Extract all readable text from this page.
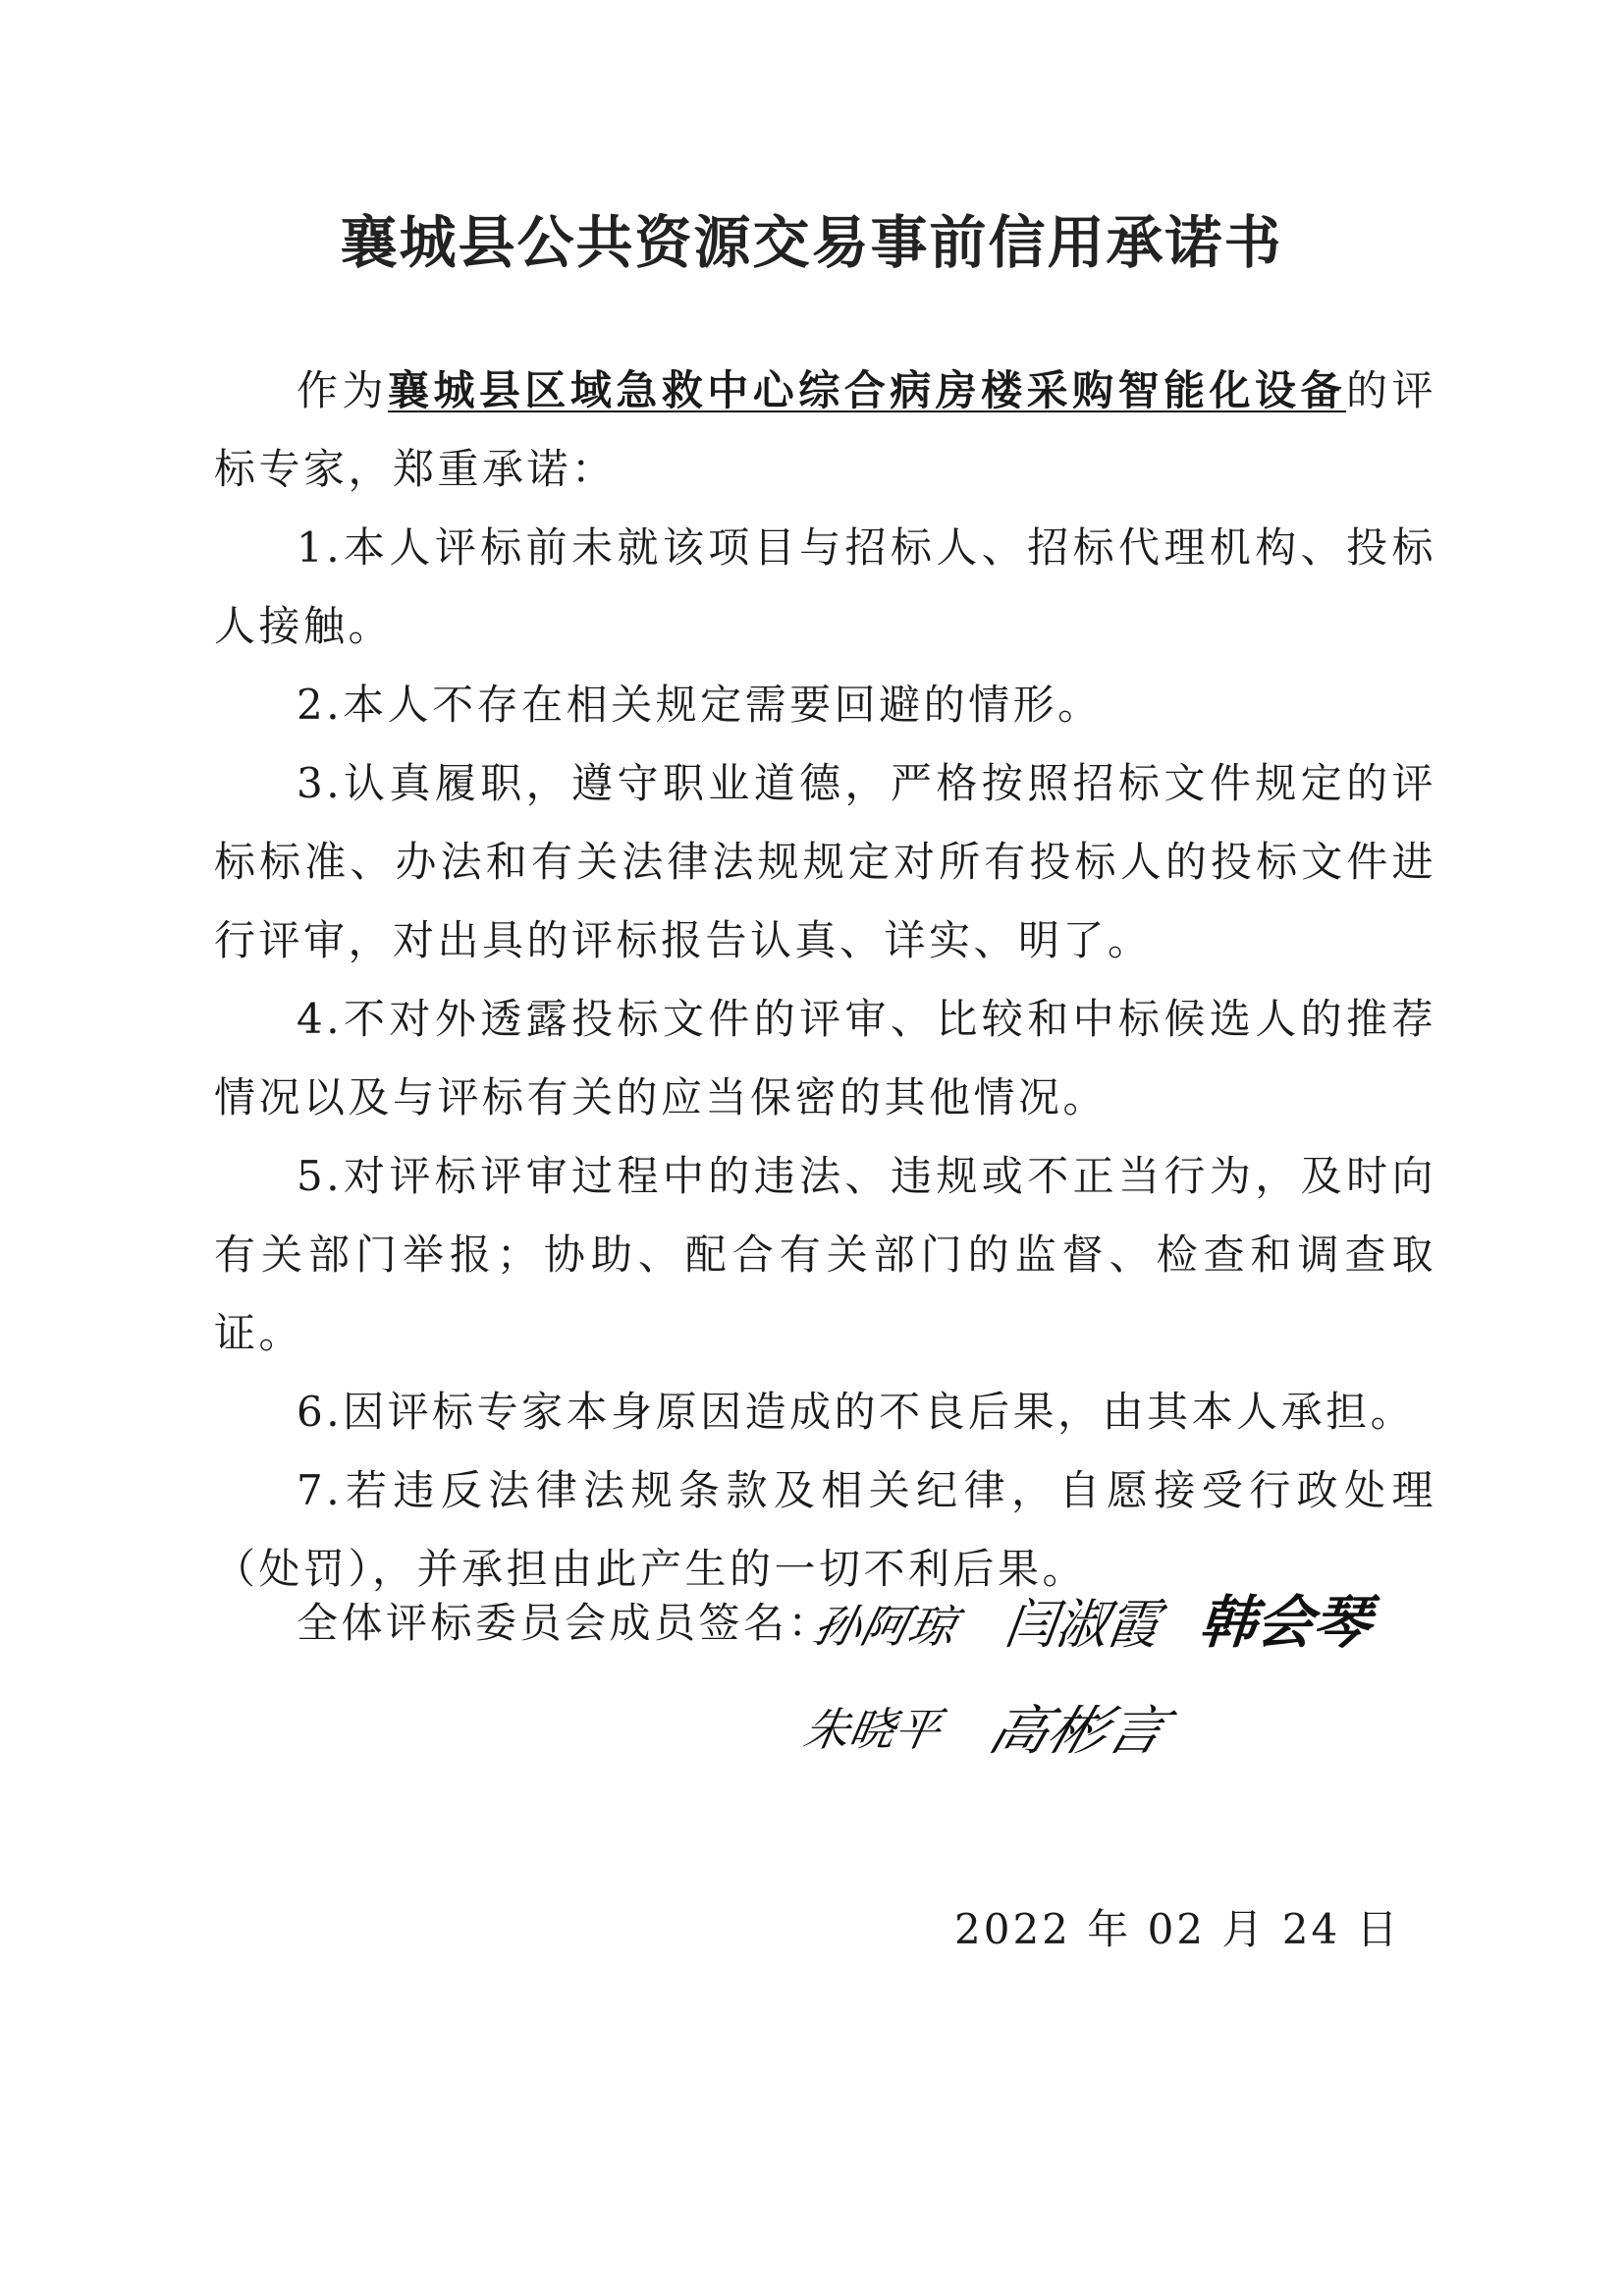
襄城县公共资源交易事前信用承诺书

作为襄城县区域急救中心综合病房楼采购智能化设备的评标专家，郑重承诺：

1.本人评标前未就该项目与招标人、招标代理机构、投标人接触。

2.本人不存在相关规定需要回避的情形。

3.认真履职，遵守职业道德，严格按照招标文件规定的评标标准、办法和有关法律法规规定对所有投标人的投标文件进行评审，对出具的评标报告认真、详实、明了。

4.不对外透露投标文件的评审、比较和中标候选人的推荐情况以及与评标有关的应当保密的其他情况。

5.对评标评审过程中的违法、违规或不正当行为，及时向有关部门举报；协助、配合有关部门的监督、检查和调查取证。

6.因评标专家本身原因造成的不良后果，由其本人承担。

7.若违反法律法规条款及相关纪律，自愿接受行政处理（处罚），并承担由此产生的一切不利后果。

全体评标委员会成员签名：
孙阿琼 闫淑霞 韩会琴
朱晓平 高彬言
2022 年 02 月 24 日
